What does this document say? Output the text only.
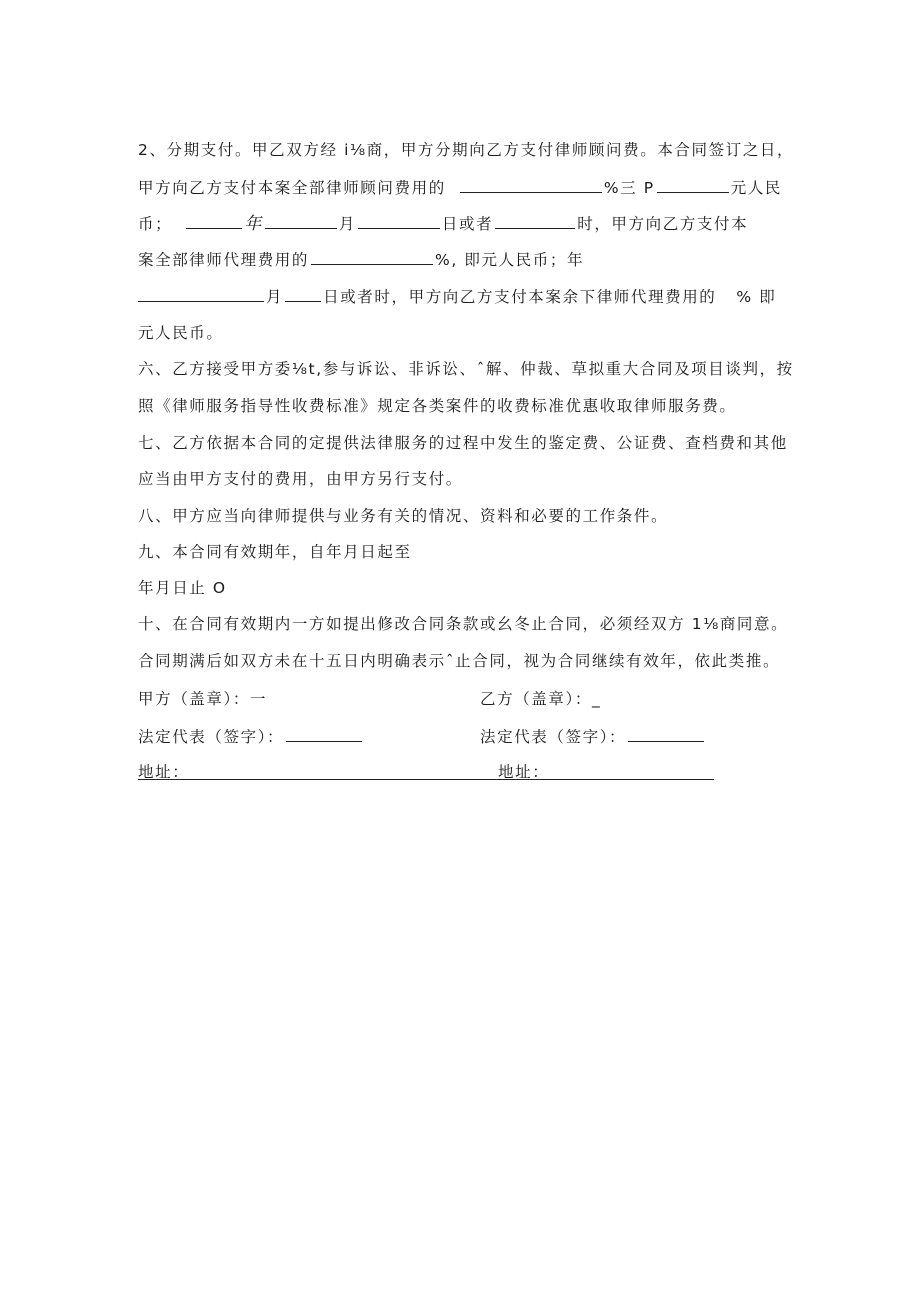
2、分期支付。甲乙双方经 i⅛商，甲方分期向乙方支付律师顾问费。本合同签订之日，
甲方向乙方支付本案全部律师顾问费用的	%三 P	元人民
币；	年	月	日或者	时，甲方向乙方支付本
案全部律师代理费用的	%, 即元人民币；年
月	日或者时，甲方向乙方支付本案余下律师代理费用的 % 即
元人民币。
六、乙方接受甲方委⅛t,参与诉讼、非诉讼、ˆ解、仲裁、草拟重大合同及项目谈判，按
照《律师服务指导性收费标准》规定各类案件的收费标准优惠收取律师服务费。
七、乙方依据本合同的定提供法律服务的过程中发生的鉴定费、公证费、查档费和其他
应当由甲方支付的费用，由甲方另行支付。
八、甲方应当向律师提供与业务有关的情况、资料和必要的工作条件。
九、本合同有效期年，自年月日起至
年月日止 O
十、在合同有效期内一方如提出修改合同条款或幺冬止合同，必须经双方 1⅛商同意。
合同期满后如双方未在十五日内明确表示ˆ止合同，视为合同继续有效年，依此类推。
甲方（盖章）：一	乙方（盖章）：_
法定代表（签字）：	法定代表（签字）：
地址：	地址：
